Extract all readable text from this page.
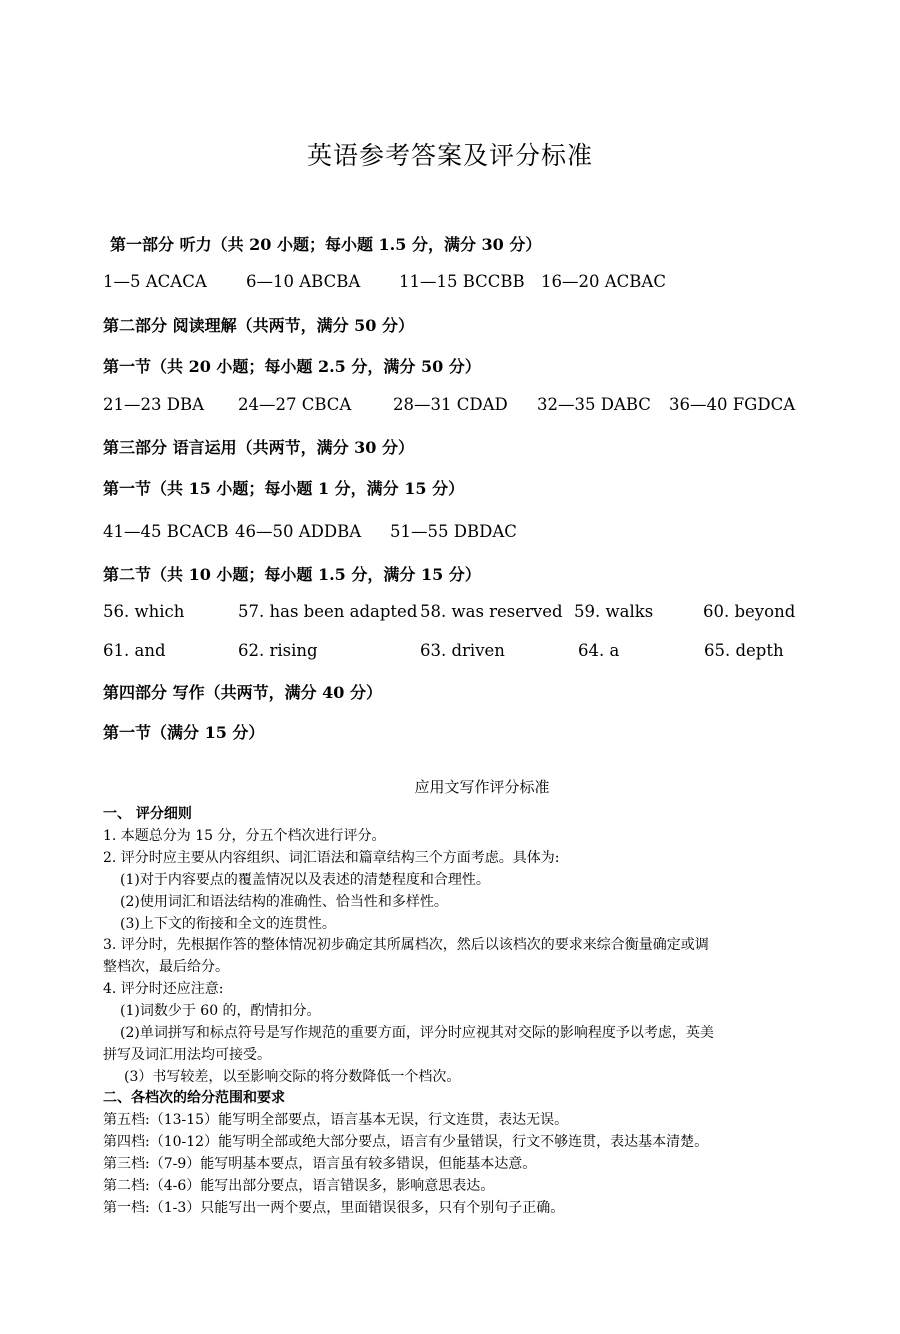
英语参考答案及评分标准
第一部分 听力（共 20 小题；每小题 1.5 分，满分 30 分）
1—5 ACACA 6—10 ABCBA 11—15 BCCBB 16—20 ACBAC
第二部分 阅读理解（共两节，满分 50 分）
第一节（共 20 小题；每小题 2.5 分，满分 50 分）
21—23 DBA 24—27 CBCA	28—31 CDAD 32—35 DABC 36—40 FGDCA
第三部分 语言运用（共两节，满分 30 分）
第一节（共 15 小题；每小题 1 分，满分 15 分）
41—45 BCACB 46—50 ADDBA 51—55 DBDAC
第二节（共 10 小题；每小题 1.5 分，满分 15 分）
56. which	57. has been adapted 58. was reserved 59. walks	60. beyond
61. and	62. rising	63. driven	64. a	65. depth
第四部分 写作（共两节，满分 40 分）
第一节（满分 15 分）
应用文写作评分标准
一、 评分细则
1. 本题总分为 15 分，分五个档次进行评分。
2. 评分时应主要从内容组织、词汇语法和篇章结构三个方面考虑。具体为:
(1)对于内容要点的覆盖情况以及表述的清楚程度和合理性。
(2)使用词汇和语法结构的准确性、恰当性和多样性。
(3)上下文的衔接和全文的连贯性。
3. 评分时，先根据作答的整体情况初步确定其所属档次，然后以该档次的要求来综合衡量确定或调
整档次，最后给分。
4. 评分时还应注意:
(1)词数少于 60 的，酌情扣分。
(2)单词拼写和标点符号是写作规范的重要方面，评分时应视其对交际的影响程度予以考虑，英美
拼写及词汇用法均可接受。
(3）书写较差，以至影响交际的将分数降低一个档次。
二、各档次的给分范围和要求
第五档:（13-15）能写明全部要点，语言基本无误，行文连贯，表达无误。
第四档:（10-12）能写明全部或绝大部分要点，语言有少量错误，行文不够连贯，表达基本清楚。
第三档:（7-9）能写明基本要点，语言虽有较多错误，但能基本达意。
第二档:（4-6）能写出部分要点，语言错误多，影响意思表达。
第一档:（1-3）只能写出一两个要点，里面错误很多，只有个别句子正确。
